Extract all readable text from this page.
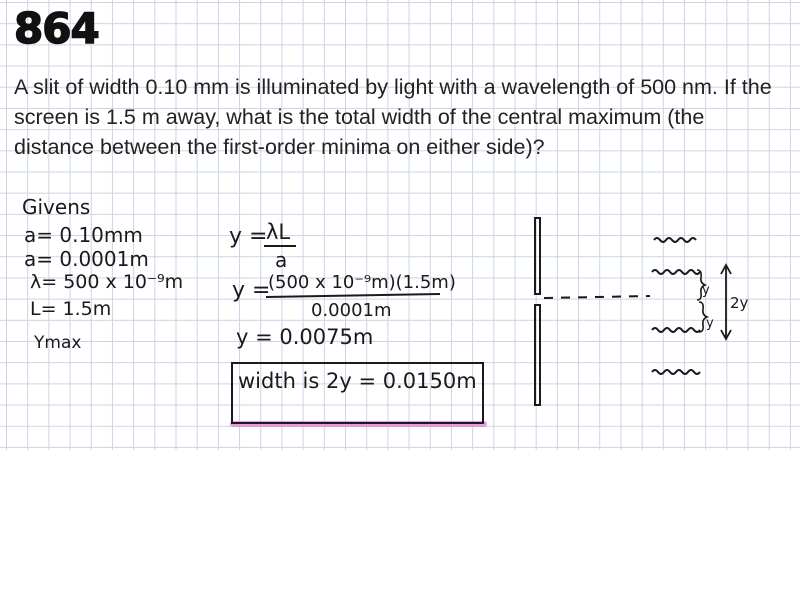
864
A slit of width 0.10 mm is illuminated by light with a wavelength of 500 nm. If the screen is 1.5 m away, what is the total width of the central maximum (the distance between the first-order minima on either side)?
Givens
a= 0.10mm
a= 0.0001m
λ= 500 x 10⁻⁹m
L= 1.5m
Ymax
y =
λL
a
y =
(500 x 10⁻⁹m)(1.5m)
0.0001m
y = 0.0075m
width is 2y = 0.0150m
y
y
2y
